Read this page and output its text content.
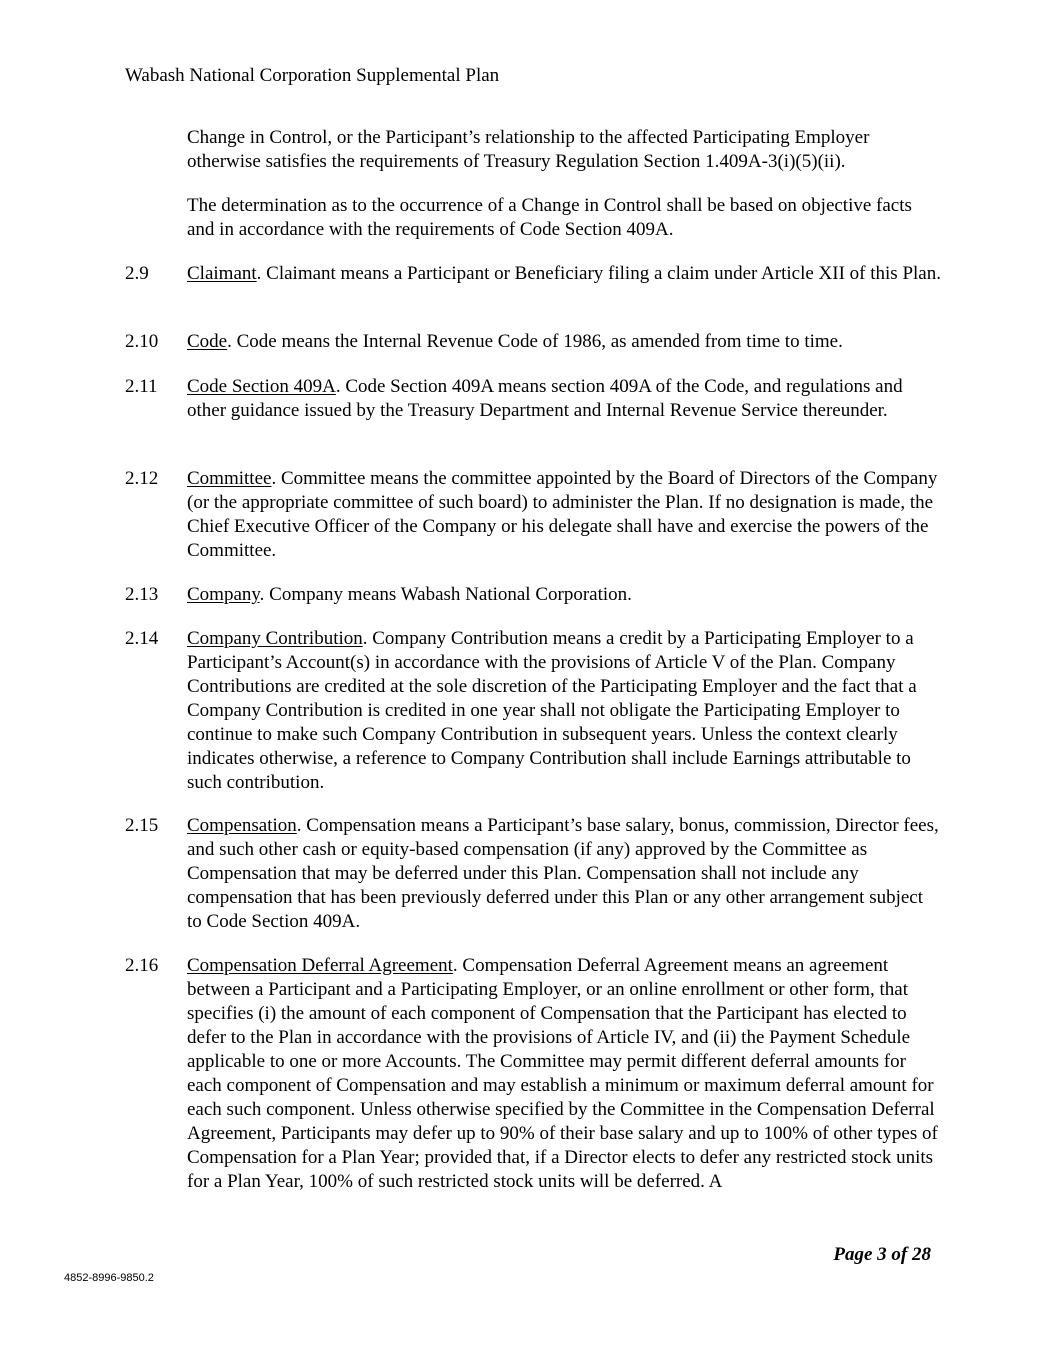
Wabash National Corporation Supplemental Plan

Change in Control, or the Participant’s relationship to the affected Participating Employer otherwise satisfies the requirements of Treasury Regulation Section 1.409A-3(i)(5)(ii).

The determination as to the occurrence of a Change in Control shall be based on objective facts and in accordance with the requirements of Code Section 409A.

2.9 Claimant. Claimant means a Participant or Beneficiary filing a claim under Article XII of this Plan.
2.10 Code. Code means the Internal Revenue Code of 1986, as amended from time to time.
2.11 Code Section 409A. Code Section 409A means section 409A of the Code, and regulations and other guidance issued by the Treasury Department and Internal Revenue Service thereunder.
2.12 Committee. Committee means the committee appointed by the Board of Directors of the Company (or the appropriate committee of such board) to administer the Plan. If no designation is made, the Chief Executive Officer of the Company or his delegate shall have and exercise the powers of the Committee.
2.13 Company. Company means Wabash National Corporation.
2.14 Company Contribution. Company Contribution means a credit by a Participating Employer to a Participant’s Account(s) in accordance with the provisions of Article V of the Plan. Company Contributions are credited at the sole discretion of the Participating Employer and the fact that a Company Contribution is credited in one year shall not obligate the Participating Employer to continue to make such Company Contribution in subsequent years. Unless the context clearly indicates otherwise, a reference to Company Contribution shall include Earnings attributable to such contribution.
2.15 Compensation. Compensation means a Participant’s base salary, bonus, commission, Director fees, and such other cash or equity-based compensation (if any) approved by the Committee as Compensation that may be deferred under this Plan. Compensation shall not include any compensation that has been previously deferred under this Plan or any other arrangement subject to Code Section 409A.
2.16 Compensation Deferral Agreement. Compensation Deferral Agreement means an agreement between a Participant and a Participating Employer, or an online enrollment or other form, that specifies (i) the amount of each component of Compensation that the Participant has elected to defer to the Plan in accordance with the provisions of Article IV, and (ii) the Payment Schedule applicable to one or more Accounts. The Committee may permit different deferral amounts for each component of Compensation and may establish a minimum or maximum deferral amount for each such component. Unless otherwise specified by the Committee in the Compensation Deferral Agreement, Participants may defer up to 90% of their base salary and up to 100% of other types of Compensation for a Plan Year; provided that, if a Director elects to defer any restricted stock units for a Plan Year, 100% of such restricted stock units will be deferred. A
Page 3 of 28
4852-8996-9850.2
